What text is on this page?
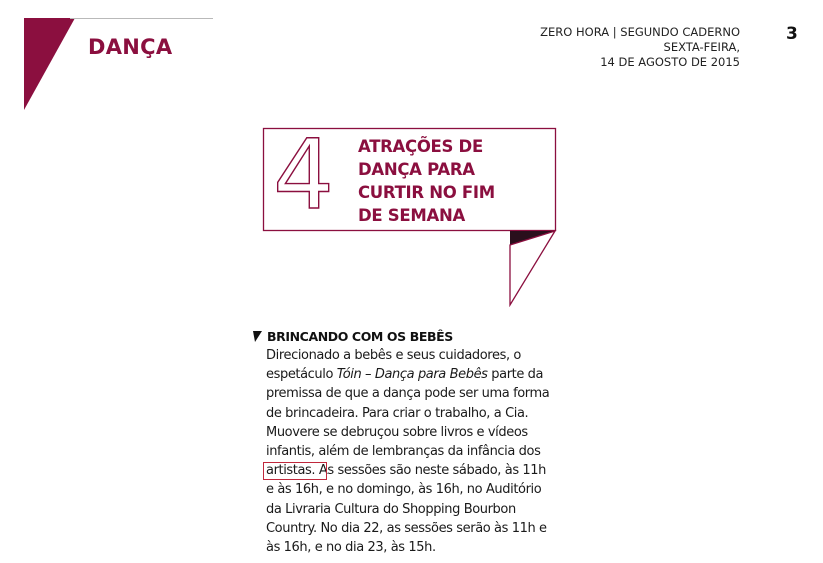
DANÇA
ZERO HORA | SEGUNDO CADERNO
SEXTA-FEIRA,
14 DE AGOSTO DE 2015
3
4 ATRAÇÕES DE
DANÇA PARA
CURTIR NO FIM
DE SEMANA
BRINCANDO COM OS BEBÊS
Direcionado a bebês e seus cuidadores, o
espetáculo Tóin – Dança para Bebês parte da
premissa de que a dança pode ser uma forma
de brincadeira. Para criar o trabalho, a Cia.
Muovere se debruçou sobre livros e vídeos
infantis, além de lembranças da infância dos
artistas. As sessões são neste sábado, às 11h
e às 16h, e no domingo, às 16h, no Auditório
da Livraria Cultura do Shopping Bourbon
Country. No dia 22, as sessões serão às 11h e
às 16h, e no dia 23, às 15h.
